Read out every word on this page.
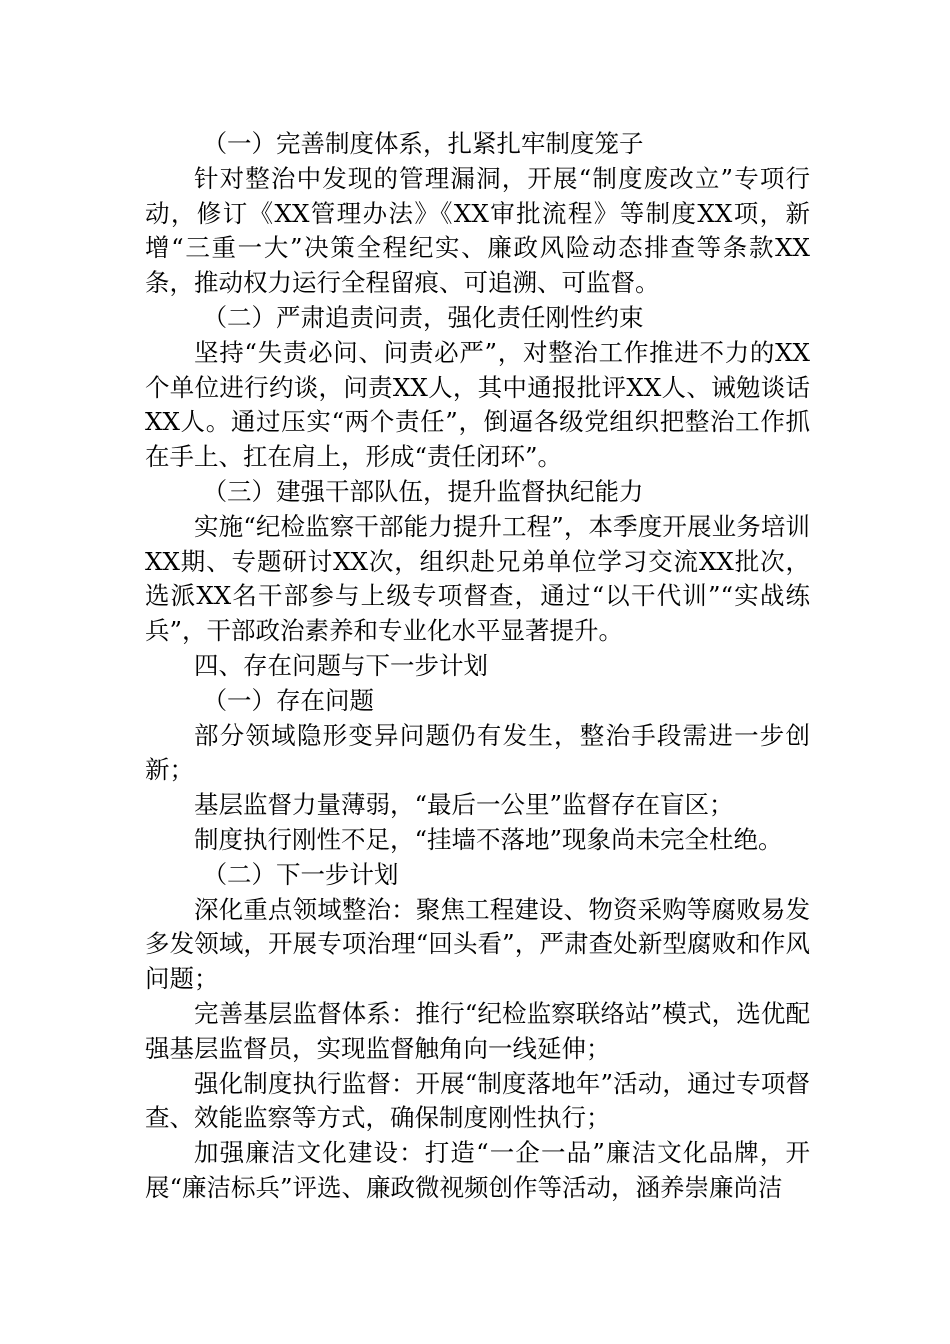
（一）完善制度体系，扎紧扎牢制度笼子

针对整治中发现的管理漏洞，开展“制度废改立”专项行动，修订《XX管理办法》《XX审批流程》等制度XX项，新增“三重一大”决策全程纪实、廉政风险动态排查等条款XX条，推动权力运行全程留痕、可追溯、可监督。

（二）严肃追责问责，强化责任刚性约束

坚持“失责必问、问责必严”，对整治工作推进不力的XX个单位进行约谈，问责XX人，其中通报批评XX人、诫勉谈话XX人。通过压实“两个责任”，倒逼各级党组织把整治工作抓在手上、扛在肩上，形成“责任闭环”。

（三）建强干部队伍，提升监督执纪能力

实施“纪检监察干部能力提升工程”，本季度开展业务培训XX期、专题研讨XX次，组织赴兄弟单位学习交流XX批次，选派XX名干部参与上级专项督查，通过“以干代训”“实战练兵”，干部政治素养和专业化水平显著提升。

四、存在问题与下一步计划

（一）存在问题

部分领域隐形变异问题仍有发生，整治手段需进一步创新；

基层监督力量薄弱，“最后一公里”监督存在盲区；

制度执行刚性不足，“挂墙不落地”现象尚未完全杜绝。

（二）下一步计划

深化重点领域整治：聚焦工程建设、物资采购等腐败易发多发领域，开展专项治理“回头看”，严肃查处新型腐败和作风问题；

完善基层监督体系：推行“纪检监察联络站”模式，选优配强基层监督员，实现监督触角向一线延伸；

强化制度执行监督：开展“制度落地年”活动，通过专项督查、效能监察等方式，确保制度刚性执行；

加强廉洁文化建设：打造“一企一品”廉洁文化品牌，开展“廉洁标兵”评选、廉政微视频创作等活动，涵养崇廉尚洁
